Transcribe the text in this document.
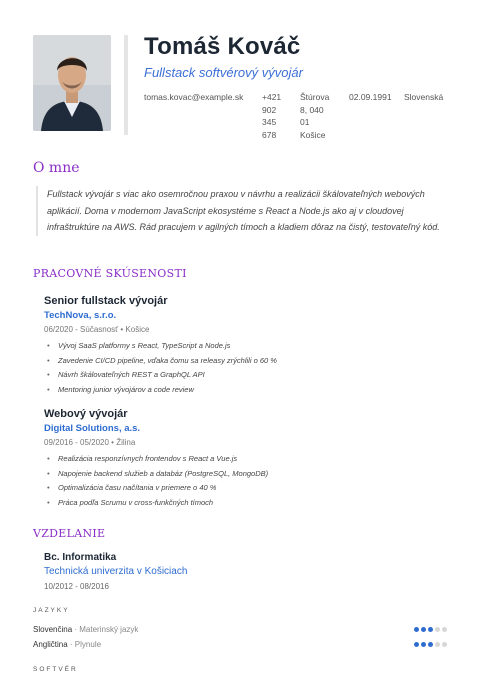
Tomáš Kováč
Fullstack softvérový vývojár
tomas.kovac@example.sk	+421
902
345
678
Štúrova
8, 040
01
Košice
02.09.1991	Slovenská
O mne
Fullstack vývojár s viac ako osemročnou praxou v návrhu a realizácii škálovateľných webových aplikácií. Doma v modernom JavaScript ekosystéme s React a Node.js ako aj v cloudovej infraštruktúre na AWS. Rád pracujem v agilných tímoch a kladiem dôraz na čistý, testovateľný kód.
PRACOVNÉ SKÚSENOSTI
Senior fullstack vývojár
TechNova, s.r.o.
06/2020 - Súčasnosť • Košice
• Vývoj SaaS platformy s React, TypeScript a Node.js
• Zavedenie CI/CD pipeline, vďaka čomu sa releasy zrýchlili o 60 %
• Návrh škálovateľných REST a GraphQL API
• Mentoring junior vývojárov a code review
Webový vývojár
Digital Solutions, a.s.
09/2016 - 05/2020 • Žilina
• Realizácia responzívnych frontendov s React a Vue.js
• Napojenie backend služieb a databáz (PostgreSQL, MongoDB)
• Optimalizácia času načítania v priemere o 40 %
• Práca podľa Scrumu v cross-funkčných tímoch
VZDELANIE
Bc. Informatika
Technická univerzita v Košiciach
10/2012 - 08/2016
JAZYKY
Slovenčina · Materinský jazyk
Angličtina · Plynule
SOFTVÉR
